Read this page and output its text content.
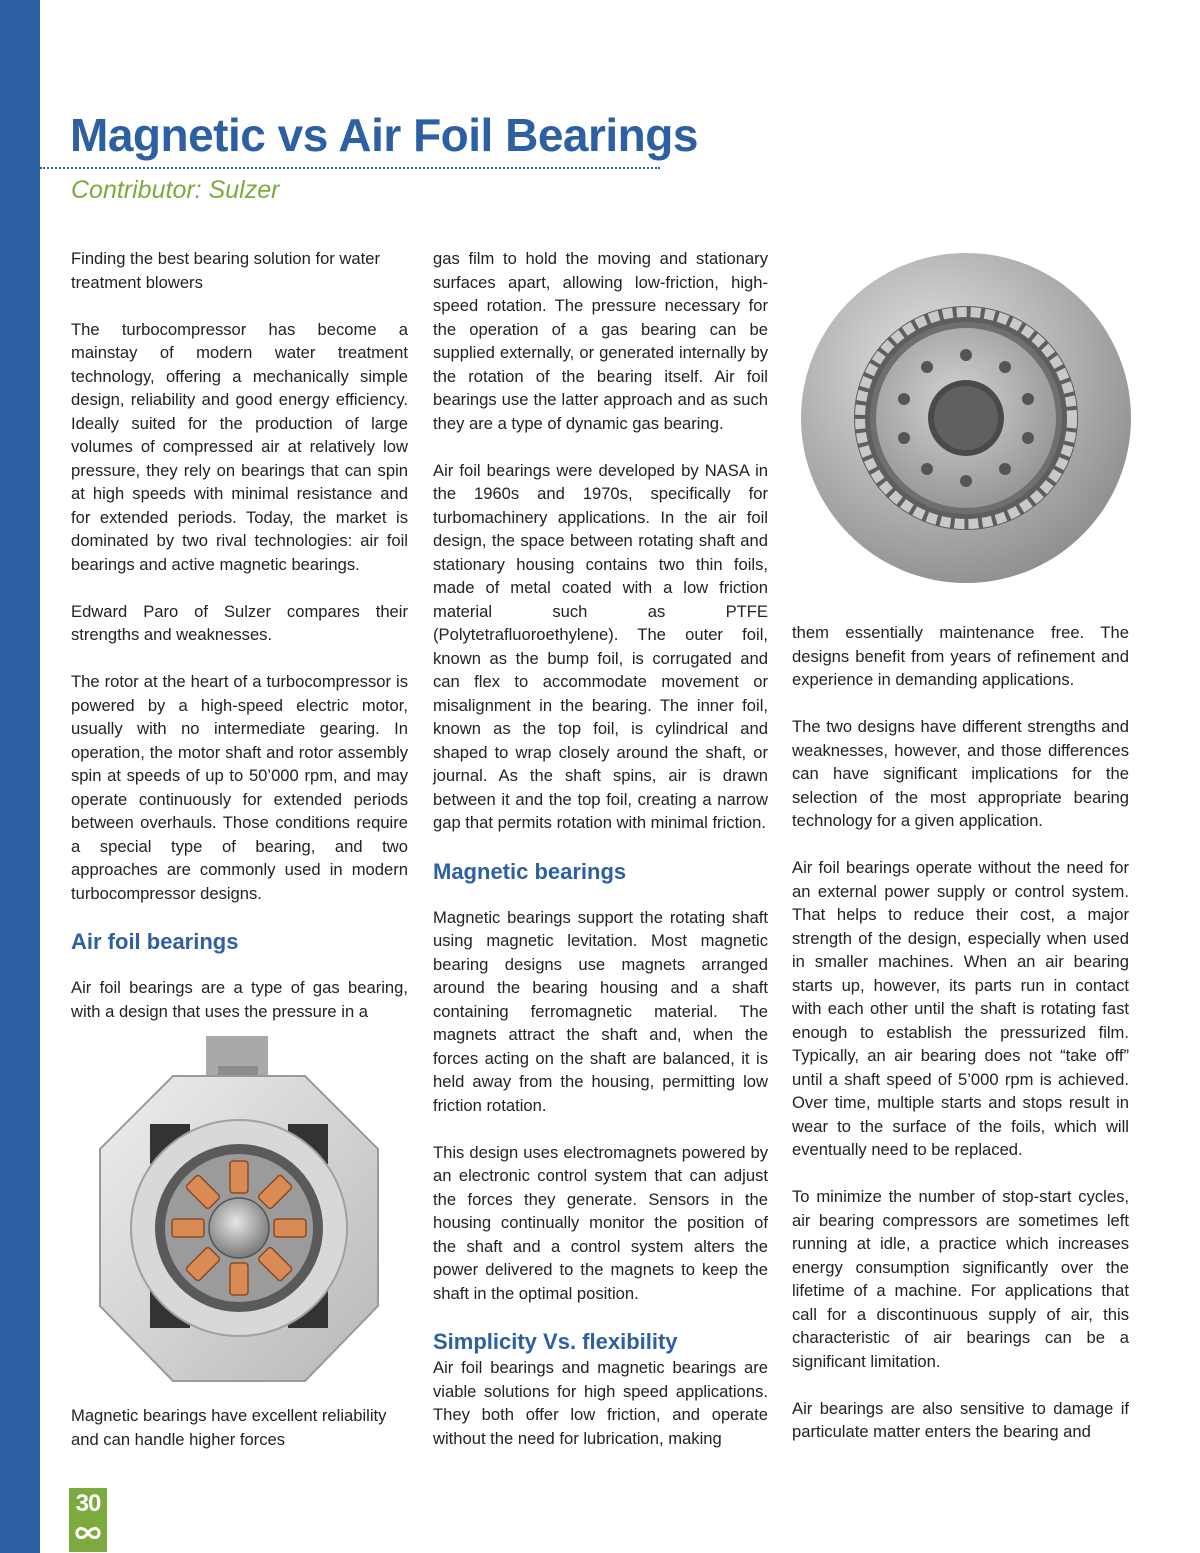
Magnetic vs Air Foil Bearings
Contributor: Sulzer

Finding the best bearing solution for water treatment blowers

The turbocompressor has become a mainstay of modern water treatment technology, offering a mechanically simple design, reliability and good energy efficiency. Ideally suited for the production of large volumes of compressed air at relatively low pressure, they rely on bearings that can spin at high speeds with minimal resistance and for extended periods. Today, the market is dominated by two rival technologies: air foil bearings and active magnetic bearings.

Edward Paro of Sulzer compares their strengths and weaknesses.

The rotor at the heart of a turbocompressor is powered by a high-speed electric motor, usually with no intermediate gearing. In operation, the motor shaft and rotor assembly spin at speeds of up to 50’000 rpm, and may operate continuously for extended periods between overhauls. Those conditions require a special type of bearing, and two approaches are commonly used in modern turbocompressor designs.

Air foil bearings

Air foil bearings are a type of gas bearing, with a design that uses the pressure in a

Magnetic bearings have excellent reliability and can handle higher forces

gas film to hold the moving and stationary surfaces apart, allowing low-friction, high-speed rotation. The pressure necessary for the operation of a gas bearing can be supplied externally, or generated internally by the rotation of the bearing itself. Air foil bearings use the latter approach and as such they are a type of dynamic gas bearing.

Air foil bearings were developed by NASA in the 1960s and 1970s, specifically for turbomachinery applications. In the air foil design, the space between rotating shaft and stationary housing contains two thin foils, made of metal coated with a low friction material such as PTFE (Polytetrafluoroethylene). The outer foil, known as the bump foil, is corrugated and can flex to accommodate movement or misalignment in the bearing. The inner foil, known as the top foil, is cylindrical and shaped to wrap closely around the shaft, or journal. As the shaft spins, air is drawn between it and the top foil, creating a narrow gap that permits rotation with minimal friction.

Magnetic bearings

Magnetic bearings support the rotating shaft using magnetic levitation. Most magnetic bearing designs use magnets arranged around the bearing housing and a shaft containing ferromagnetic material. The magnets attract the shaft and, when the forces acting on the shaft are balanced, it is held away from the housing, permitting low friction rotation.

This design uses electromagnets powered by an electronic control system that can adjust the forces they generate. Sensors in the housing continually monitor the position of the shaft and a control system alters the power delivered to the magnets to keep the shaft in the optimal position.

Simplicity Vs. flexibility

Air foil bearings and magnetic bearings are viable solutions for high speed applications. They both offer low friction, and operate without the need for lubrication, making

them essentially maintenance free. The designs benefit from years of refinement and experience in demanding applications.

The two designs have different strengths and weaknesses, however, and those differences can have significant implications for the selection of the most appropriate bearing technology for a given application.

Air foil bearings operate without the need for an external power supply or control system. That helps to reduce their cost, a major strength of the design, especially when used in smaller machines. When an air bearing starts up, however, its parts run in contact with each other until the shaft is rotating fast enough to establish the pressurized film. Typically, an air bearing does not “take off” until a shaft speed of 5’000 rpm is achieved. Over time, multiple starts and stops result in wear to the surface of the foils, which will eventually need to be replaced.

To minimize the number of stop-start cycles, air bearing compressors are sometimes left running at idle, a practice which increases energy consumption significantly over the lifetime of a machine. For applications that call for a discontinuous supply of air, this characteristic of air bearings can be a significant limitation.

Air bearings are also sensitive to damage if particulate matter enters the bearing and

30
